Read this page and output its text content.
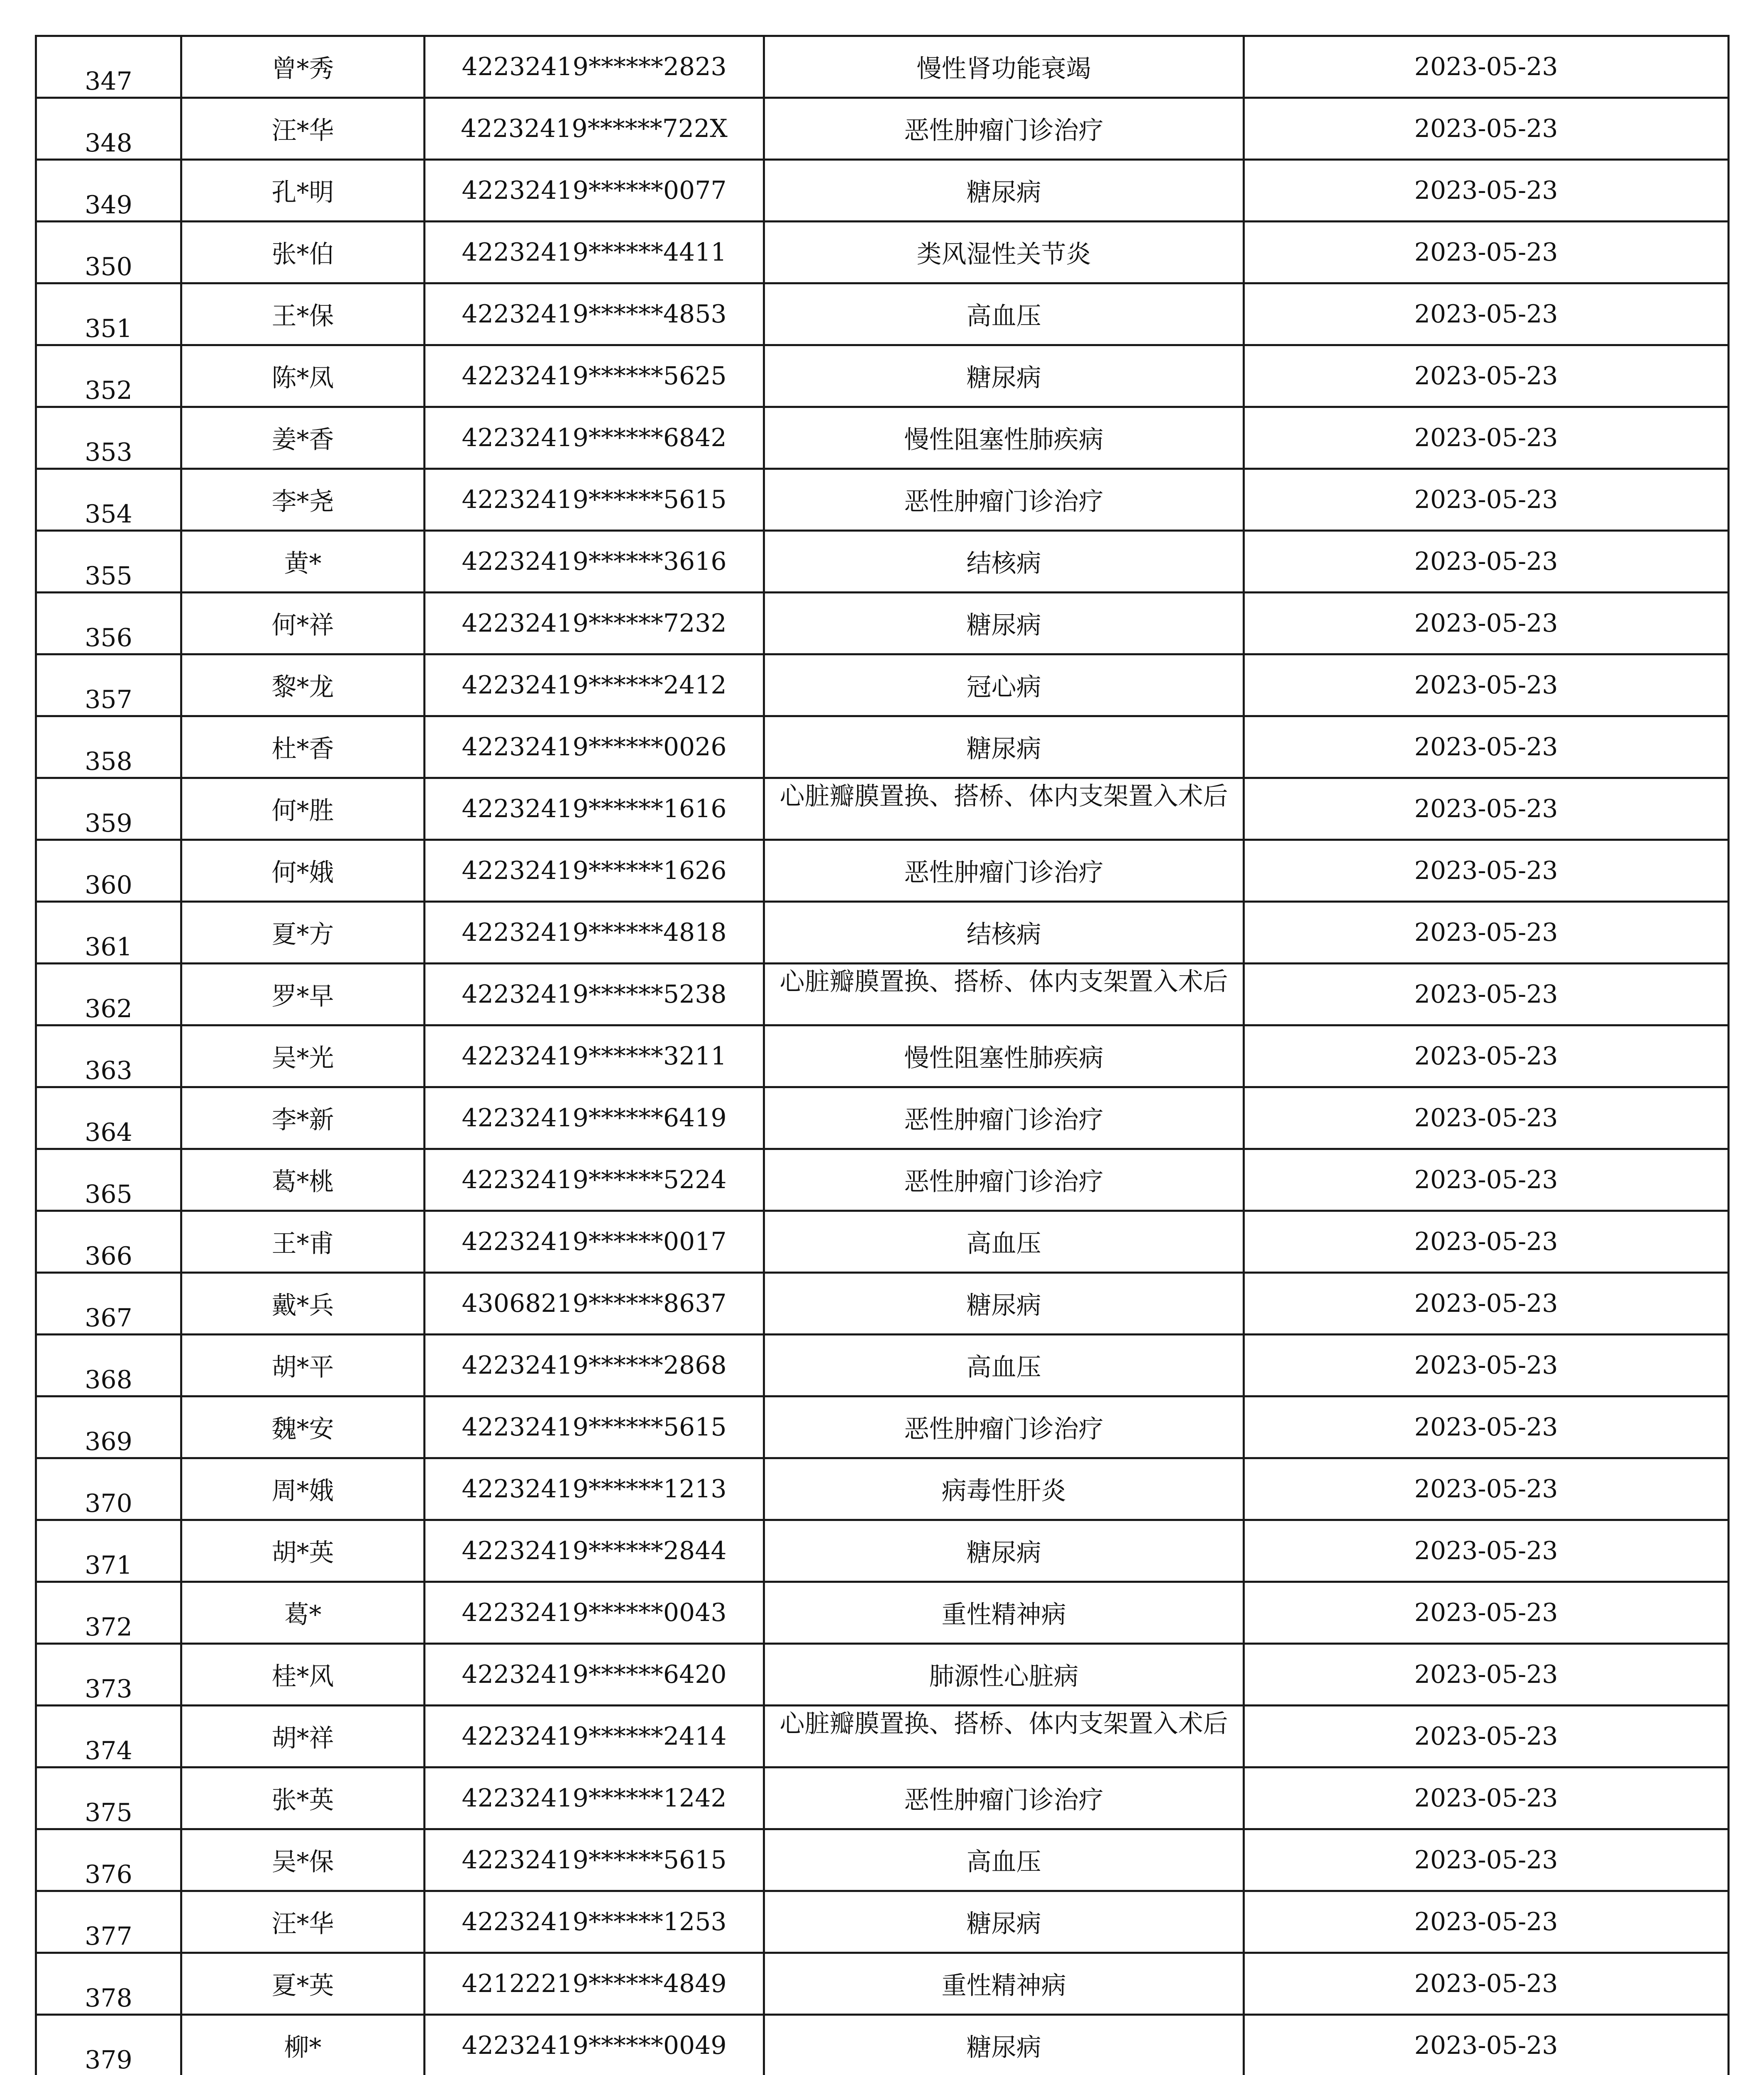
347	曾*秀	42232419******2823	慢性肾功能衰竭	2023-05-23
348	汪*华	42232419******722X	恶性肿瘤门诊治疗	2023-05-23
349	孔*明	42232419******0077	糖尿病	2023-05-23
350	张*伯	42232419******4411	类风湿性关节炎	2023-05-23
351	王*保	42232419******4853	高血压	2023-05-23
352	陈*凤	42232419******5625	糖尿病	2023-05-23
353	姜*香	42232419******6842	慢性阻塞性肺疾病	2023-05-23
354	李*尧	42232419******5615	恶性肿瘤门诊治疗	2023-05-23
355	黄*	42232419******3616	结核病	2023-05-23
356	何*祥	42232419******7232	糖尿病	2023-05-23
357	黎*龙	42232419******2412	冠心病	2023-05-23
358	杜*香	42232419******0026	糖尿病	2023-05-23
359	何*胜	42232419******1616	心脏瓣膜置换、搭桥、体内支架置入术后	2023-05-23
360	何*娥	42232419******1626	恶性肿瘤门诊治疗	2023-05-23
361	夏*方	42232419******4818	结核病	2023-05-23
362	罗*早	42232419******5238	心脏瓣膜置换、搭桥、体内支架置入术后	2023-05-23
363	吴*光	42232419******3211	慢性阻塞性肺疾病	2023-05-23
364	李*新	42232419******6419	恶性肿瘤门诊治疗	2023-05-23
365	葛*桃	42232419******5224	恶性肿瘤门诊治疗	2023-05-23
366	王*甫	42232419******0017	高血压	2023-05-23
367	戴*兵	43068219******8637	糖尿病	2023-05-23
368	胡*平	42232419******2868	高血压	2023-05-23
369	魏*安	42232419******5615	恶性肿瘤门诊治疗	2023-05-23
370	周*娥	42232419******1213	病毒性肝炎	2023-05-23
371	胡*英	42232419******2844	糖尿病	2023-05-23
372	葛*	42232419******0043	重性精神病	2023-05-23
373	桂*风	42232419******6420	肺源性心脏病	2023-05-23
374	胡*祥	42232419******2414	心脏瓣膜置换、搭桥、体内支架置入术后	2023-05-23
375	张*英	42232419******1242	恶性肿瘤门诊治疗	2023-05-23
376	吴*保	42232419******5615	高血压	2023-05-23
377	汪*华	42232419******1253	糖尿病	2023-05-23
378	夏*英	42122219******4849	重性精神病	2023-05-23
379	柳*	42232419******0049	糖尿病	2023-05-23
